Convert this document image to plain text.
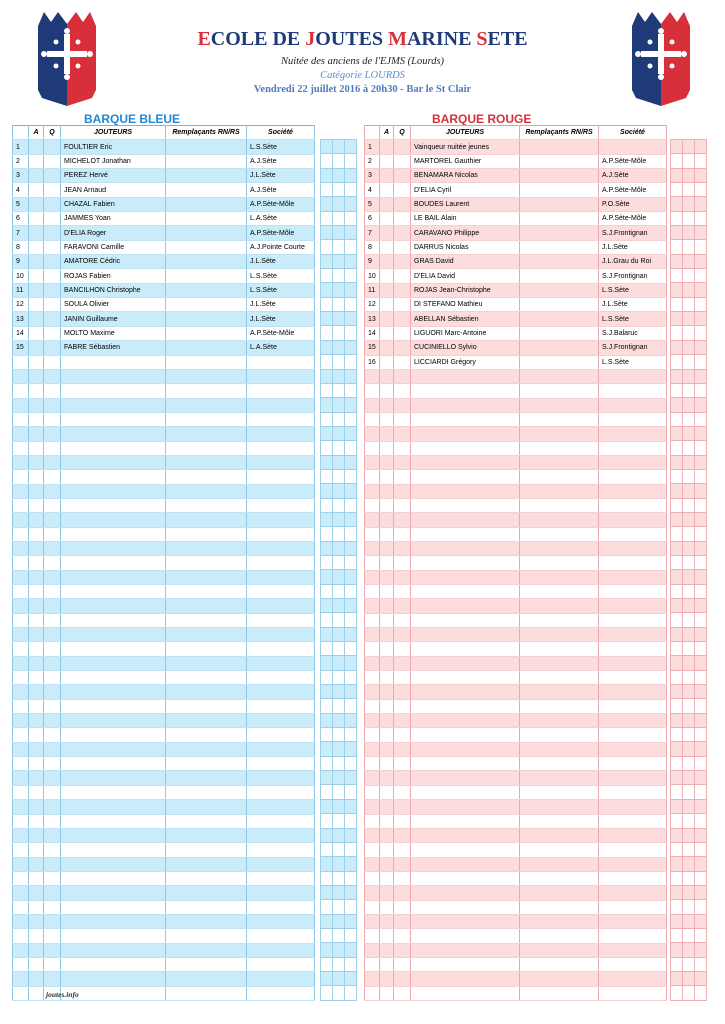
ECOLE DE JOUTES MARINE SETE
Nuitée des anciens de l'EJMS (Lourds)
Catégorie LOURDS
Vendredi 22 juillet 2016 à 20h30 - Bar le St Clair
BARQUE BLEUE	BARQUE ROUGE
	A	Q	JOUTEURS	Remplaçants RN/RS	Société
1			FOULTIER Eric		L.S.Sète
2			MICHELOT Jonathan		A.J.Sète
3			PEREZ Hervé		J.L.Sète
4			JEAN Arnaud		A.J.Sète
5			CHAZAL Fabien		A.P.Sète-Môle
6			JAMMES Yoan		L.A.Sète
7			D'ELIA Roger		A.P.Sète-Môle
8			FARAVONI Camille		A.J.Pointe Courte
9			AMATORE Cédric		J.L.Sète
10			ROJAS Fabien		L.S.Sète
11			BANCILHON Christophe		L.S.Sète
12			SOULA Olivier		J.L.Sète
13			JANIN Guillaume		J.L.Sète
14			MOLTO Maxime		A.P.Sète-Môle
15			FABRE Sébastien		L.A.Sète

	A	Q	JOUTEURS	Remplaçants RN/RS	Société
1			Vainqueur nuitée jeunes		
2			MARTOREL Gauthier		A.P.Sète-Môle
3			BENAMARA Nicolas		A.J.Sète
4			D'ELIA Cyril		A.P.Sète-Môle
5			BOUDES Laurent		P.O.Sète
6			LE BAIL Alain		A.P.Sète-Môle
7			CARAVANO Philippe		S.J.Frontignan
8			DARRUS Nicolas		J.L.Sète
9			GRAS David		J.L.Grau du Roi
10			D'ELIA David		S.J.Frontignan
11			ROJAS Jean-Christophe		L.S.Sète
12			DI STEFANO Mathieu		J.L.Sète
13			ABELLAN Sébastien		L.S.Sète
14			LIGUORI Marc-Antoine		S.J.Balaruc
15			CUCINIELLO Sylvio		S.J.Frontignan
16			LICCIARDI Grégory		L.S.Sète

joutes.info
